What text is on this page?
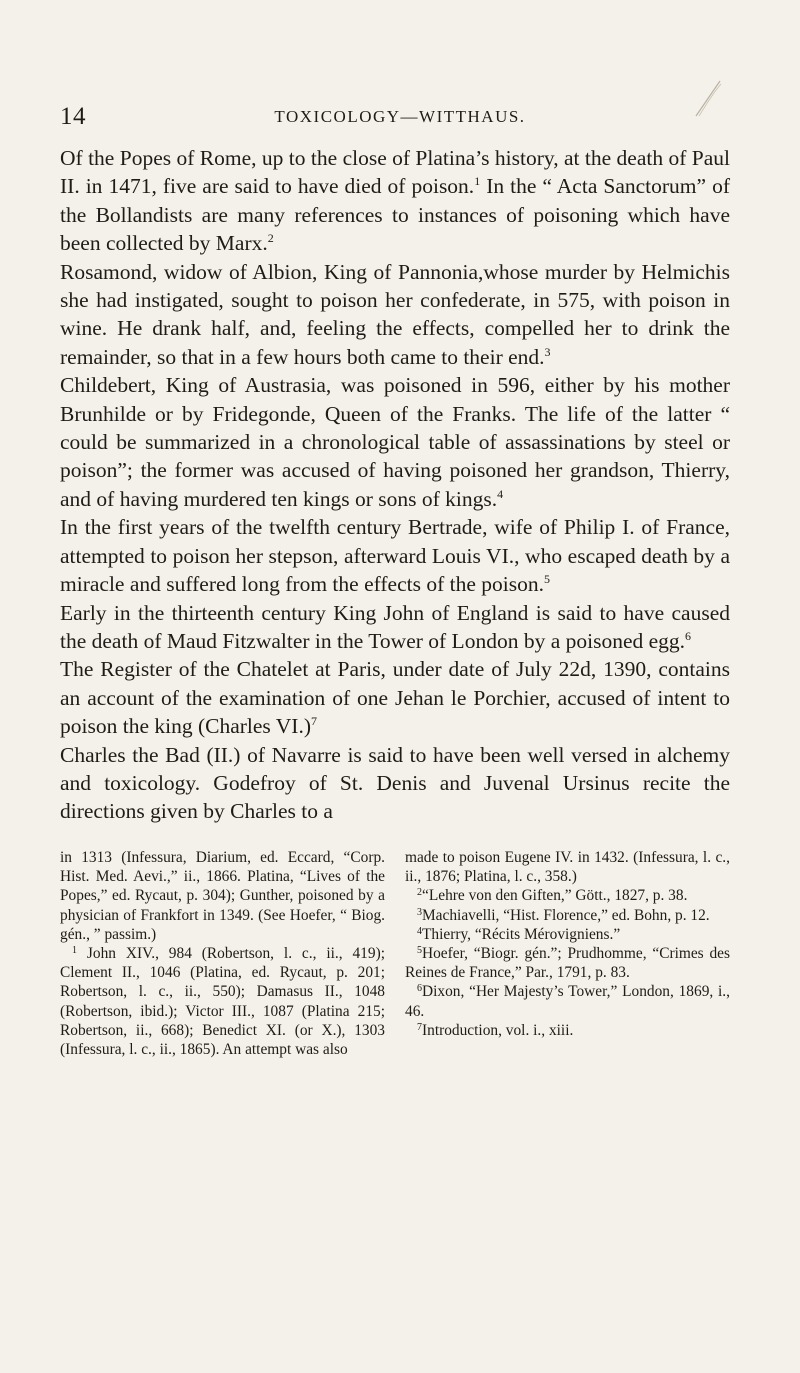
14	TOXICOLOGY—WITTHAUS.

Of the Popes of Rome, up to the close of Platina’s history, at the death of Paul II. in 1471, five are said to have died of poison.$^1$ In the “ Acta Sanctorum” of the Bollandists are many references to instances of poisoning which have been collected by Marx.$^2$

Rosamond, widow of Albion, King of Pannonia,whose murder by Helmichis she had instigated, sought to poison her confederate, in 575, with poison in wine. He drank half, and, feeling the effects, compelled her to drink the remainder, so that in a few hours both came to their end.$^3$

Childebert, King of Austrasia, was poisoned in 596, either by his mother Brunhilde or by Fridegonde, Queen of the Franks. The life of the latter “ could be summarized in a chronological table of assassinations by steel or poison”; the former was accused of having poisoned her grandson, Thierry, and of having murdered ten kings or sons of kings.$^4$

In the first years of the twelfth century Bertrade, wife of Philip I. of France, attempted to poison her stepson, afterward Louis VI., who escaped death by a miracle and suffered long from the effects of the poison.$^5$

Early in the thirteenth century King John of England is said to have caused the death of Maud Fitzwalter in the Tower of London by a poisoned egg.$^6$

The Register of the Chatelet at Paris, under date of July 22d, 1390, contains an account of the examination of one Jehan le Porchier, accused of intent to poison the king (Charles VI.)$^7$

Charles the Bad (II.) of Navarre is said to have been well versed in alchemy and toxicology. Godefroy of St. Denis and Juvenal Ursinus recite the directions given by Charles to a

in 1313 (Infessura, Diarium, ed. Eccard, “Corp. Hist. Med. Aevi.,” ii., 1866. Platina, “Lives of the Popes,” ed. Rycaut, p. 304); Gunther, poisoned by a physician of Frankfort in 1349. (See Hoefer, “ Biog. gén., ” passim.)

$^1$ John XIV., 984 (Robertson, l. c., ii., 419); Clement II., 1046 (Platina, ed. Rycaut, p. 201; Robertson, l. c., ii., 550); Damasus II., 1048 (Robertson, ibid.); Victor III., 1087 (Platina 215; Robertson, ii., 668); Benedict XI. (or X.), 1303 (Infessura, l. c., ii., 1865). An attempt was also

made to poison Eugene IV. in 1432. (Infessura, l. c., ii., 1876; Platina, l. c., 358.)

$^2$“Lehre von den Giften,” Gött., 1827, p. 38.

$^3$Machiavelli, “Hist. Florence,” ed. Bohn, p. 12.

$^4$Thierry, “Récits Mérovigniens.”

$^5$Hoefer, “Biogr. gén.”; Prudhomme, “Crimes des Reines de France,” Par., 1791, p. 83.

$^6$Dixon, “Her Majesty’s Tower,” London, 1869, i., 46.

$^7$Introduction, vol. i., xiii.
